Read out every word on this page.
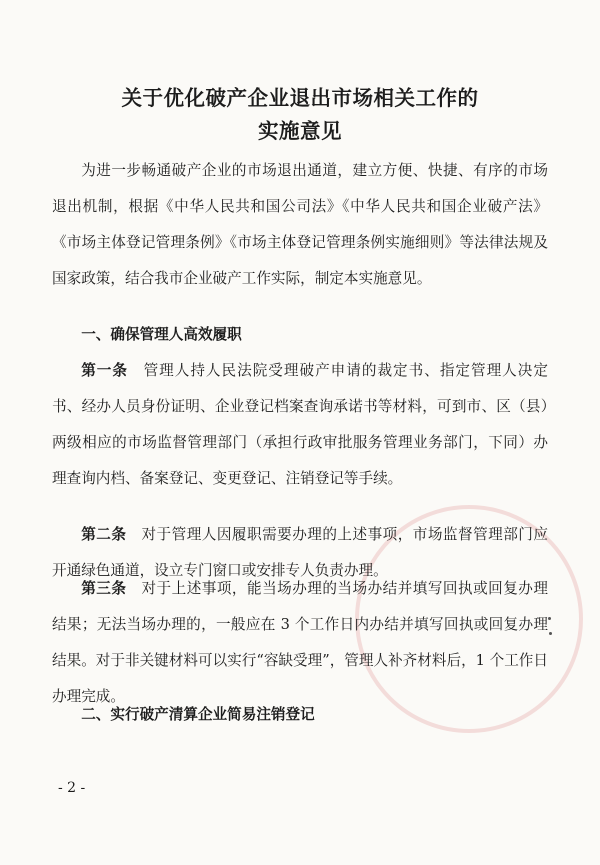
关于优化破产企业退出市场相关工作的
实施意见

为进一步畅通破产企业的市场退出通道，建立方便、快捷、有序的市场退出机制，根据《中华人民共和国公司法》《中华人民共和国企业破产法》《市场主体登记管理条例》《市场主体登记管理条例实施细则》等法律法规及国家政策，结合我市企业破产工作实际，制定本实施意见。

一、确保管理人高效履职

第一条　 管理人持人民法院受理破产申请的裁定书、指定管理人决定书、经办人员身份证明、企业登记档案查询承诺书等材料，可到市、区（县）两级相应的市场监督管理部门（承担行政审批服务管理业务部门，下同）办理查询内档、备案登记、变更登记、注销登记等手续。

第二条　 对于管理人因履职需要办理的上述事项，市场监督管理部门应开通绿色通道，设立专门窗口或安排专人负责办理。

第三条　 对于上述事项，能当场办理的当场办结并填写回执或回复办理结果；无法当场办理的，一般应在 3 个工作日内办结并填写回执或回复办理结果。对于非关键材料可以实行“容缺受理”，管理人补齐材料后，1 个工作日办理完成。

二、实行破产清算企业简易注销登记
- 2 -
